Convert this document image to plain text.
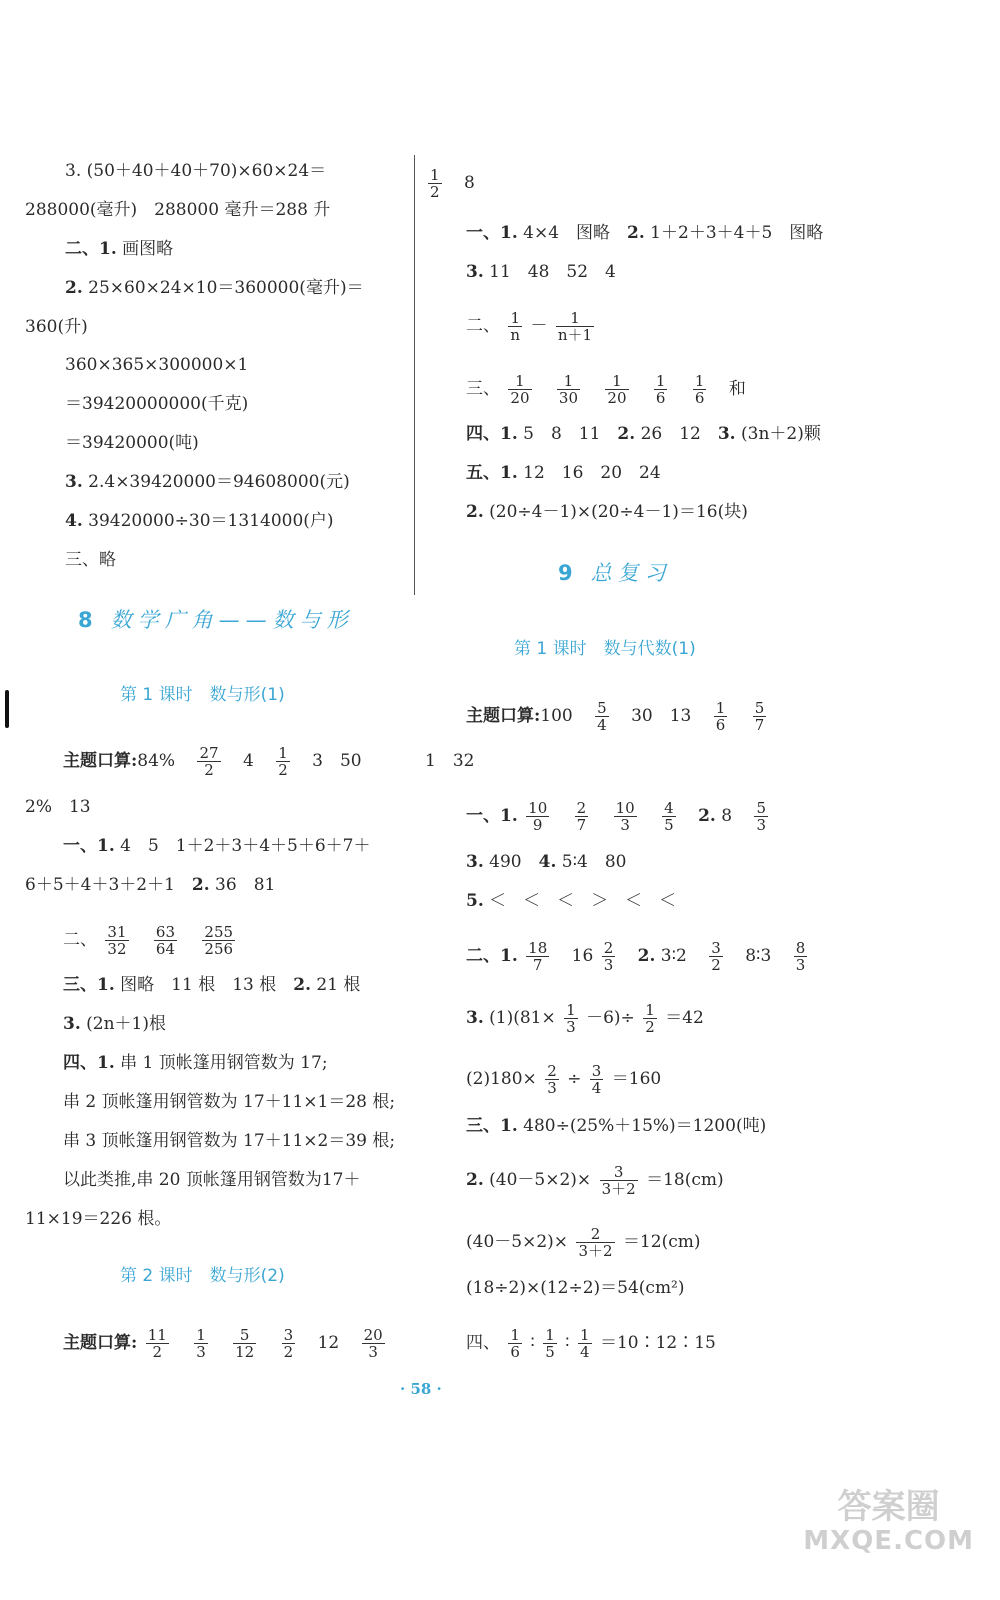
3. (50＋40＋40＋70)×60×24＝
288000(毫升)　288000 毫升＝288 升
二、1. 画图略
2. 25×60×24×10＝360000(毫升)＝
360(升)
360×365×300000×1
＝39420000000(千克)
＝39420000(吨)
3. 2.4×39420000＝94608000(元)
4. 39420000÷30＝1314000(户)
三、略
8 数学广角——数与形
第 1 课时　数与形(1)
主题口算:84% $\frac{27}{2} 4 \frac{1}{2} 3$　50
2%　13
一、1. 4　5　1＋2＋3＋4＋5＋6＋7＋
6＋5＋4＋3＋2＋1　2. 36　81
二、 $\frac{31}{32}$
$\frac{63}{64}$
$\frac{255}{256}$
三、1. 图略　11 根　13 根　2. 21 根
3. (2n＋1)根
四、1. 串 1 顶帐篷用钢管数为 17;
串 2 顶帐篷用钢管数为 17＋11×1＝28 根;
串 3 顶帐篷用钢管数为 17＋11×2＝39 根;
以此类推,串 20 顶帐篷用钢管数为17＋
11×19＝226 根。
第 2 课时　数与形(2)
主题口算: $\frac{11}{2}$
$\frac{1}{3}$
$\frac{5}{12}$
$\frac{3}{2} 12 \frac{20}{3}$
$\frac{1}{2} 8$
一、1. 4×4　图略　2. 1＋2＋3＋4＋5　图略
3. 11　48　52　4
二、 $\frac{1}{n} - \frac{1}{n+1}$
三、 $\frac{1}{20}$
$\frac{1}{30}$
$\frac{1}{20}$
$\frac{1}{6}$
$\frac{1}{6}$ 和
四、1. 5　8　11　2. 26　12　3. (3n＋2)颗
五、1. 12　16　20　24
2. (20÷4－1)×(20÷4－1)＝16(块)
9 总复习
第 1 课时　数与代数(1)
主题口算:100 $\frac{5}{4} 30$　$13 \frac{1}{6}$
$\frac{5}{7}$
1　32
一、1. $\frac{10}{9}$
$\frac{2}{7}$
$\frac{10}{3}$
$\frac{4}{5} 2$. $8 \frac{5}{3}$
3. 490　4. 5∶4　80
5. ＜　＜　＜　＞　＜　＜
二、1. $\frac{18}{7} 16 \frac{2}{3} 2$. 3∶2 $\frac{3}{2}$ 8∶3 $\frac{8}{3}$
3. $(1)(81\times \frac{1}{3} -6)\div \frac{1}{2} =42$
$(2)180\times \frac{2}{3} \div \frac{3}{4} =160$
三、1. 480÷(25%＋15%)＝1200(吨)
2. $(40-5\times 2)\times \frac{3}{3+2} =18(cm)$
$(40-5\times 2)\times \frac{2}{3+2} =12(cm)$
(18÷2)×(12÷2)＝54(cm²)
四、 $\frac{1}{6}$ ∶ $\frac{1}{5}$ ∶ $\frac{1}{4}$ ＝10∶12∶15
· 58 ·
答案圈
MXQE.COM
